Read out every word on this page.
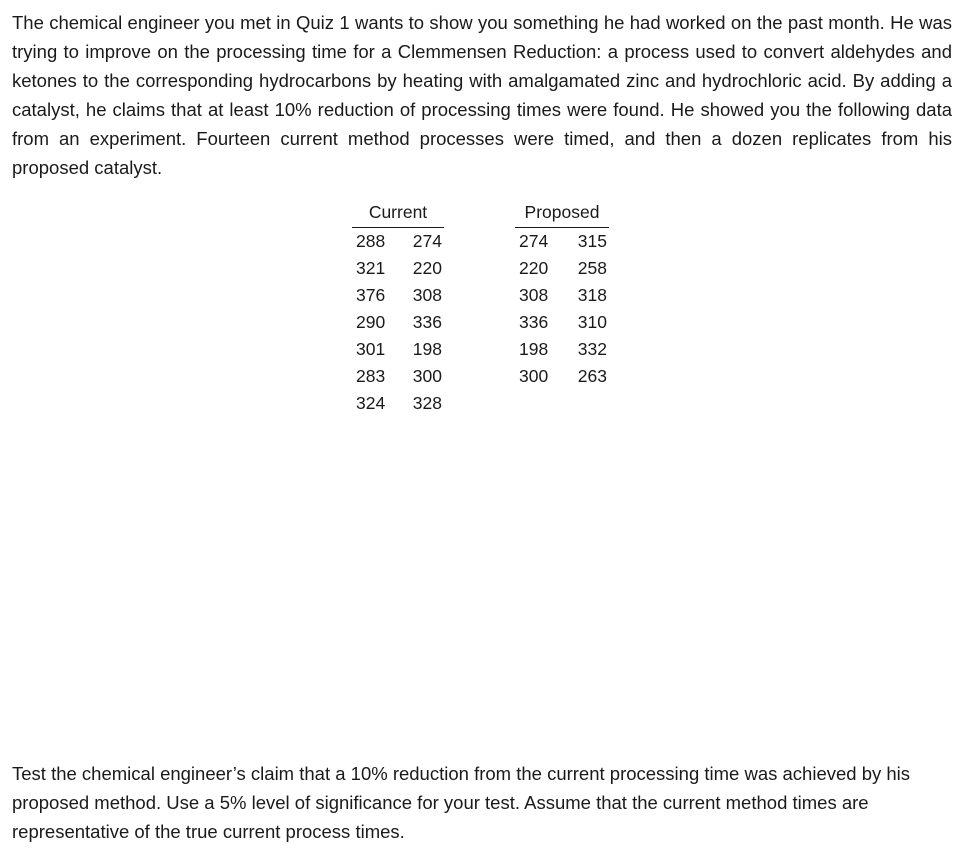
The chemical engineer you met in Quiz 1 wants to show you something he had worked on the past month. He was trying to improve on the processing time for a Clemmensen Reduction: a process used to convert aldehydes and ketones to the corresponding hydrocarbons by heating with amalgamated zinc and hydrochloric acid. By adding a catalyst, he claims that at least 10% reduction of processing times were found. He showed you the following data from an experiment. Fourteen current method processes were timed, and then a dozen replicates from his proposed catalyst.

Current
288 274
321 220
376 308
290 336
301 198
283 300
324 328
Proposed
274 315
220 258
308 318
336 310
198 332
300 263

Test the chemical engineer’s claim that a 10% reduction from the current processing time was achieved by his proposed method. Use a 5% level of significance for your test. Assume that the current method times are representative of the true current process times.
